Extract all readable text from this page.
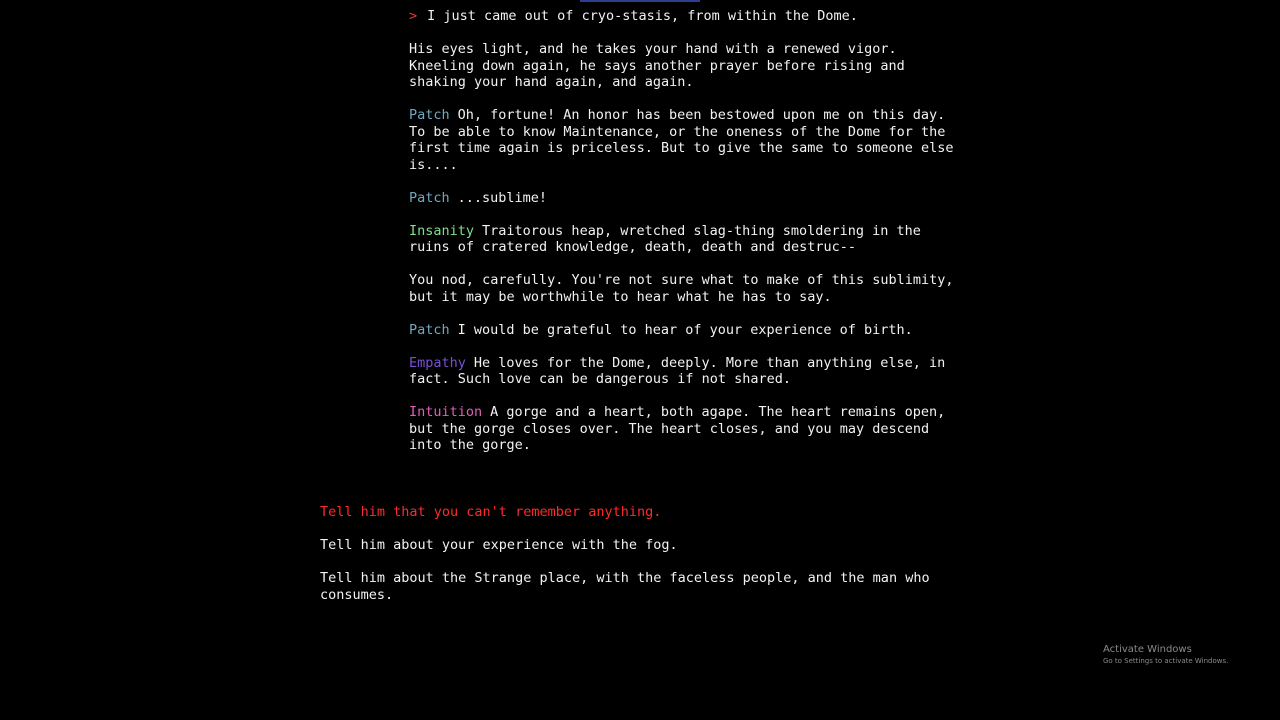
> I just came out of cryo-stasis, from within the Dome.

His eyes light, and he takes your hand with a renewed vigor. Kneeling down again, he says another prayer before rising and shaking your hand again, and again.

Patch Oh, fortune! An honor has been bestowed upon me on this day. To be able to know Maintenance, or the oneness of the Dome for the first time again is priceless. But to give the same to someone else is....

Patch ...sublime!

Insanity Traitorous heap, wretched slag-thing smoldering in the ruins of cratered knowledge, death, death and destruc--

You nod, carefully. You're not sure what to make of this sublimity, but it may be worthwhile to hear what he has to say.

Patch I would be grateful to hear of your experience of birth.

Empathy He loves for the Dome, deeply. More than anything else, in fact. Such love can be dangerous if not shared.

Intuition A gorge and a heart, both agape. The heart remains open, but the gorge closes over. The heart closes, and you may descend into the gorge.

Tell him that you can't remember anything.
Tell him about your experience with the fog.
Tell him about the Strange place, with the faceless people, and the man who consumes.
Activate Windows
Go to Settings to activate Windows.
